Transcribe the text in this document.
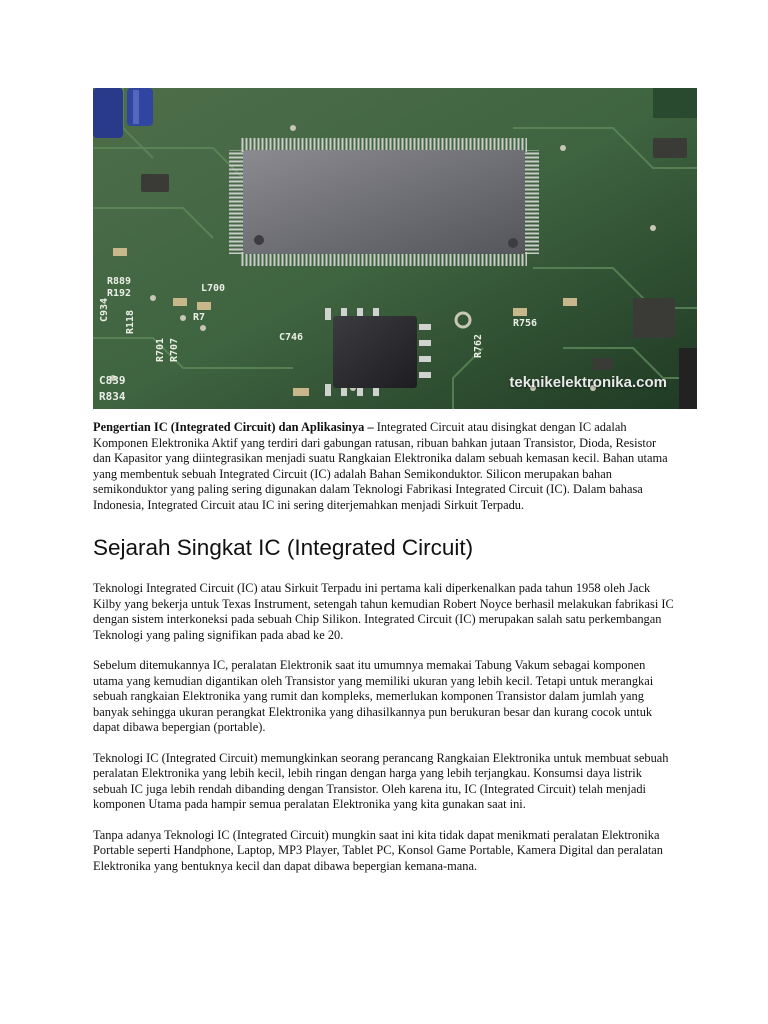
R889
R192	L700
C839
R834
C746
R7
C934 R118
R701 R707
R756
R762
teknikelektronika.com

Pengertian IC (Integrated Circuit) dan Aplikasinya – Integrated Circuit atau disingkat dengan IC adalah Komponen Elektronika Aktif yang terdiri dari gabungan ratusan, ribuan bahkan jutaan Transistor, Dioda, Resistor dan Kapasitor yang diintegrasikan menjadi suatu Rangkaian Elektronika dalam sebuah kemasan kecil. Bahan utama yang membentuk sebuah Integrated Circuit (IC) adalah Bahan Semikonduktor. Silicon merupakan bahan semikonduktor yang paling sering digunakan dalam Teknologi Fabrikasi Integrated Circuit (IC). Dalam bahasa Indonesia, Integrated Circuit atau IC ini sering diterjemahkan menjadi Sirkuit Terpadu.

Sejarah Singkat IC (Integrated Circuit)

Teknologi Integrated Circuit (IC) atau Sirkuit Terpadu ini pertama kali diperkenalkan pada tahun 1958 oleh Jack Kilby yang bekerja untuk Texas Instrument, setengah tahun kemudian Robert Noyce berhasil melakukan fabrikasi IC dengan sistem interkoneksi pada sebuah Chip Silikon. Integrated Circuit (IC) merupakan salah satu perkembangan Teknologi yang paling signifikan pada abad ke 20.

Sebelum ditemukannya IC, peralatan Elektronik saat itu umumnya memakai Tabung Vakum sebagai komponen utama yang kemudian digantikan oleh Transistor yang memiliki ukuran yang lebih kecil. Tetapi untuk merangkai sebuah rangkaian Elektronika yang rumit dan kompleks, memerlukan komponen Transistor dalam jumlah yang banyak sehingga ukuran perangkat Elektronika yang dihasilkannya pun berukuran besar dan kurang cocok untuk dapat dibawa bepergian (portable).

Teknologi IC (Integrated Circuit) memungkinkan seorang perancang Rangkaian Elektronika untuk membuat sebuah peralatan Elektronika yang lebih kecil, lebih ringan dengan harga yang lebih terjangkau. Konsumsi daya listrik sebuah IC juga lebih rendah dibanding dengan Transistor. Oleh karena itu, IC (Integrated Circuit) telah menjadi komponen Utama pada hampir semua peralatan Elektronika yang kita gunakan saat ini.

Tanpa adanya Teknologi IC (Integrated Circuit) mungkin saat ini kita tidak dapat menikmati peralatan Elektronika Portable seperti Handphone, Laptop, MP3 Player, Tablet PC, Konsol Game Portable, Kamera Digital dan peralatan Elektronika yang bentuknya kecil dan dapat dibawa bepergian kemana-mana.
